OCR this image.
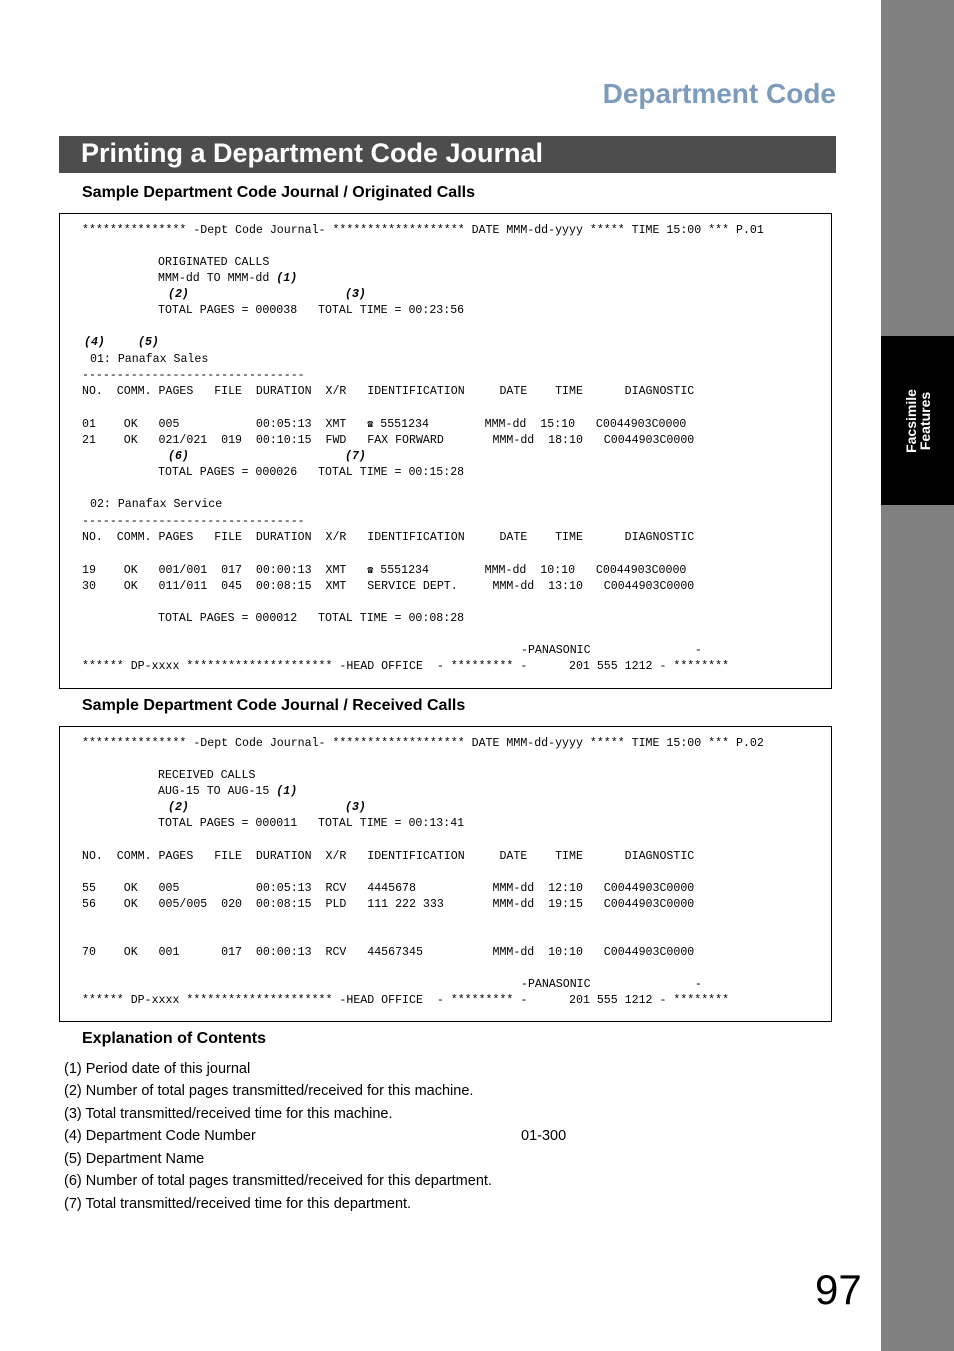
Facsimile
Features
Department Code
Printing a Department Code Journal
Sample Department Code Journal / Originated Calls
*************** -Dept Code Journal- ******************* DATE MMM-dd-yyyy ***** TIME 15:00 *** P.01
ORIGINATED CALLS
MMM-dd TO MMM-dd (1)
(2)	(3)
TOTAL PAGES = 000038   TOTAL TIME = 00:23:56
(4)	(5)
01: Panafax Sales
--------------------------------
NO.  COMM. PAGES   FILE  DURATION  X/R   IDENTIFICATION     DATE    TIME      DIAGNOSTIC
01    OK   005           00:05:13  XMT   ☎ 5551234        MMM-dd  15:10   C0044903C0000
21    OK   021/021  019  00:10:15  FWD   FAX FORWARD       MMM-dd  18:10   C0044903C0000
(6)	(7)
TOTAL PAGES = 000026   TOTAL TIME = 00:15:28
02: Panafax Service
--------------------------------
NO.  COMM. PAGES   FILE  DURATION  X/R   IDENTIFICATION     DATE    TIME      DIAGNOSTIC
19    OK   001/001  017  00:00:13  XMT   ☎ 5551234        MMM-dd  10:10   C0044903C0000
30    OK   011/011  045  00:08:15  XMT   SERVICE DEPT.     MMM-dd  13:10   C0044903C0000
TOTAL PAGES = 000012   TOTAL TIME = 00:08:28
-PANASONIC               -
****** DP-xxxx ********************* -HEAD OFFICE  - ********* -      201 555 1212 - ********
Sample Department Code Journal / Received Calls
*************** -Dept Code Journal- ******************* DATE MMM-dd-yyyy ***** TIME 15:00 *** P.02
RECEIVED CALLS
AUG-15 TO AUG-15 (1)
(2)	(3)
TOTAL PAGES = 000011   TOTAL TIME = 00:13:41
NO.  COMM. PAGES   FILE  DURATION  X/R   IDENTIFICATION     DATE    TIME      DIAGNOSTIC
55    OK   005           00:05:13  RCV   4445678           MMM-dd  12:10   C0044903C0000
56    OK   005/005  020  00:08:15  PLD   111 222 333       MMM-dd  19:15   C0044903C0000
70    OK   001      017  00:00:13  RCV   44567345          MMM-dd  10:10   C0044903C0000
-PANASONIC               -
****** DP-xxxx ********************* -HEAD OFFICE  - ********* -      201 555 1212 - ********
Explanation of Contents
(1) Period date of this journal
(2) Number of total pages transmitted/received for this machine.
(3) Total transmitted/received time for this machine.
(4) Department Code Number	01-300
(5) Department Name
(6) Number of total pages transmitted/received for this department.
(7) Total transmitted/received time for this department.
97
